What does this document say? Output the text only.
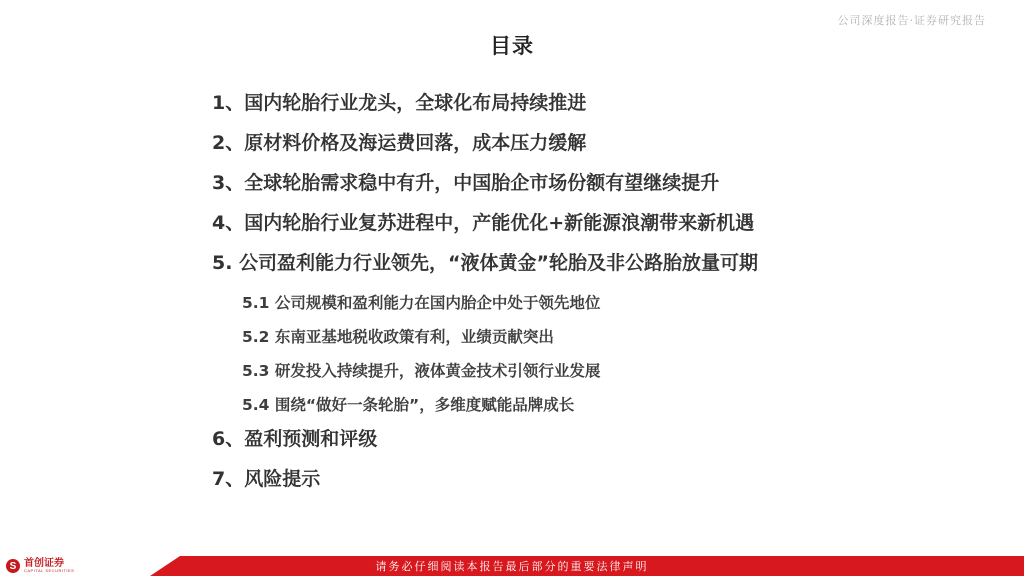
公司深度报告·证券研究报告
目录
1、国内轮胎行业龙头，全球化布局持续推进
2、原材料价格及海运费回落，成本压力缓解
3、全球轮胎需求稳中有升，中国胎企市场份额有望继续提升
4、国内轮胎行业复苏进程中，产能优化+新能源浪潮带来新机遇
5. 公司盈利能力行业领先，“液体黄金”轮胎及非公路胎放量可期
5.1 公司规模和盈利能力在国内胎企中处于领先地位
5.2 东南亚基地税收政策有利，业绩贡献突出
5.3 研发投入持续提升，液体黄金技术引领行业发展
5.4 围绕“做好一条轮胎”，多维度赋能品牌成长
6、盈利预测和评级
7、风险提示
请务必仔细阅读本报告最后部分的重要法律声明
S 首创证券
CAPITAL SECURITIES
